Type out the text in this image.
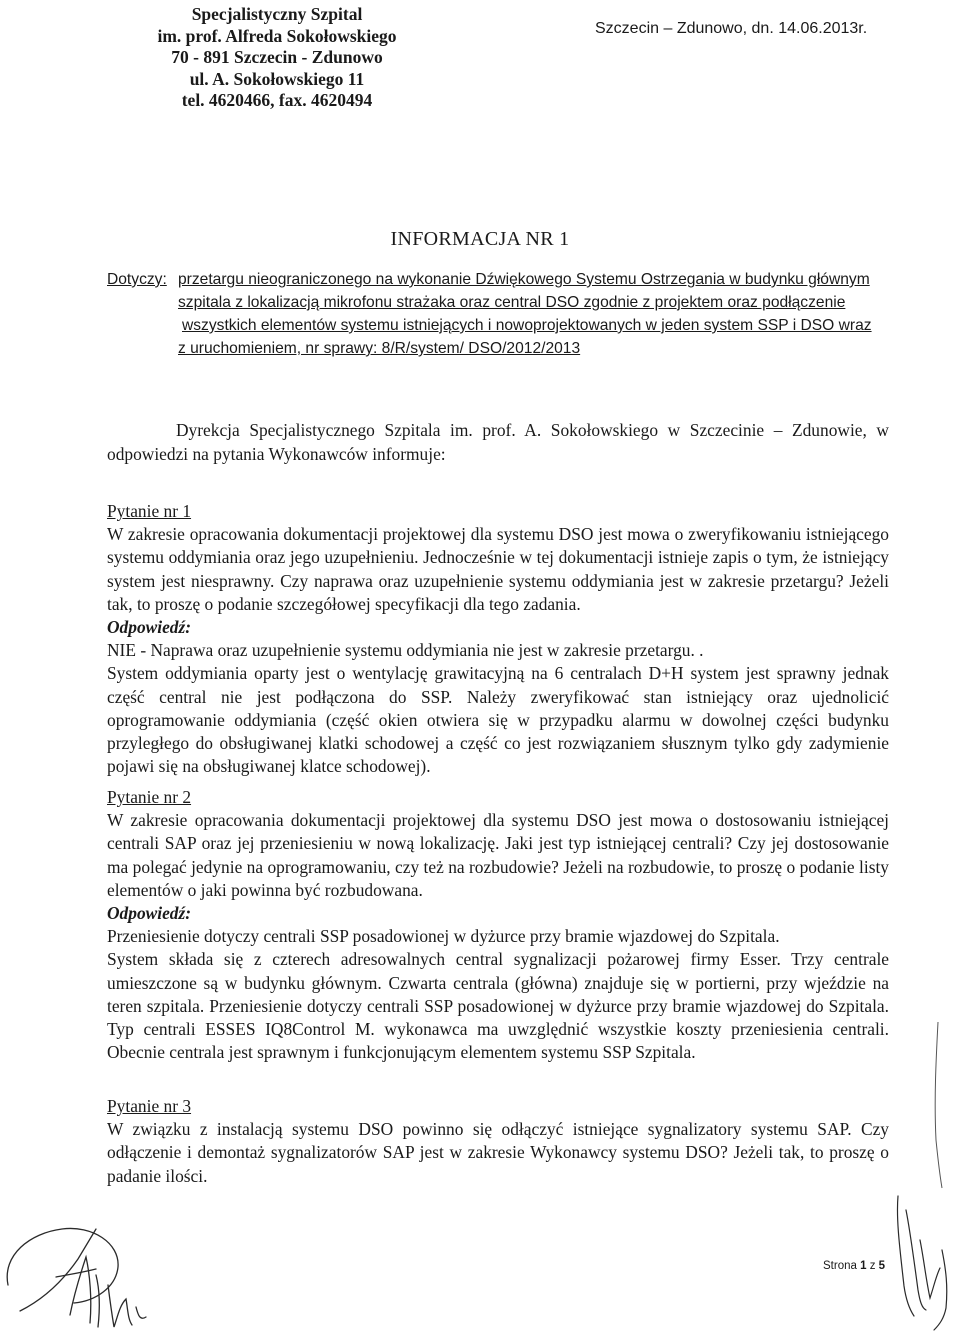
Specjalistyczny Szpital
im. prof. Alfreda Sokołowskiego
70 - 891 Szczecin - Zdunowo
ul. A. Sokołowskiego 11
tel. 4620466, fax. 4620494
Szczecin – Zdunowo, dn. 14.06.2013r.
INFORMACJA NR 1
Dotyczy: przetargu nieograniczonego na wykonanie Dźwiękowego Systemu Ostrzegania w budynku głównym
szpitala z lokalizacją mikrofonu strażaka oraz central DSO zgodnie z projektem oraz podłączenie
wszystkich elementów systemu istniejących i nowoprojektowanych w jeden system SSP i DSO wraz
z uruchomieniem, nr sprawy: 8/R/system/ DSO/2012/2013

Dyrekcja Specjalistycznego Szpitala im. prof. A. Sokołowskiego w Szczecinie – Zdunowie, w odpowiedzi na pytania Wykonawców informuje:

Pytanie nr 1

W zakresie opracowania dokumentacji projektowej dla systemu DSO jest mowa o zweryfikowaniu istniejącego systemu oddymiania oraz jego uzupełnieniu. Jednocześnie w tej dokumentacji istnieje zapis o tym, że istniejący system jest niesprawny. Czy naprawa oraz uzupełnienie systemu oddymiania jest w zakresie przetargu? Jeżeli tak, to proszę o podanie szczegółowej specyfikacji dla tego zadania.

Odpowiedź:

NIE - Naprawa oraz uzupełnienie systemu oddymiania nie jest w zakresie przetargu. .

System oddymiania oparty jest o wentylację grawitacyjną na 6 centralach D+H system jest sprawny jednak część central nie jest podłączona do SSP. Należy zweryfikować stan istniejący oraz ujednolicić oprogramowanie oddymiania (część okien otwiera się w przypadku alarmu w dowolnej części budynku przyległego do obsługiwanej klatki schodowej a część co jest rozwiązaniem słusznym tylko gdy zadymienie pojawi się na obsługiwanej klatce schodowej).

Pytanie nr 2

W zakresie opracowania dokumentacji projektowej dla systemu DSO jest mowa o dostosowaniu istniejącej centrali SAP oraz jej przeniesieniu w nową lokalizację. Jaki jest typ istniejącej centrali? Czy jej dostosowanie ma polegać jedynie na oprogramowaniu, czy też na rozbudowie? Jeżeli na rozbudowie, to proszę o podanie listy elementów o jaki powinna być rozbudowana.

Odpowiedź:

Przeniesienie dotyczy centrali SSP posadowionej w dyżurce przy bramie wjazdowej do Szpitala.

System składa się z czterech adresowalnych central sygnalizacji pożarowej firmy Esser. Trzy centrale umieszczone są w budynku głównym. Czwarta centrala (główna) znajduje się w portierni, przy wjeździe na teren szpitala. Przeniesienie dotyczy centrali SSP posadowionej w dyżurce przy bramie wjazdowej do Szpitala. Typ centrali ESSES IQ8Control M. wykonawca ma uwzględnić wszystkie koszty przeniesienia centrali. Obecnie centrala jest sprawnym i funkcjonującym elementem systemu SSP Szpitala.

Pytanie nr 3

W związku z instalacją systemu DSO powinno się odłączyć istniejące sygnalizatory systemu SAP. Czy odłączenie i demontaż sygnalizatorów SAP jest w zakresie Wykonawcy systemu DSO? Jeżeli tak, to proszę o padanie ilości.

Strona 1 z 5
